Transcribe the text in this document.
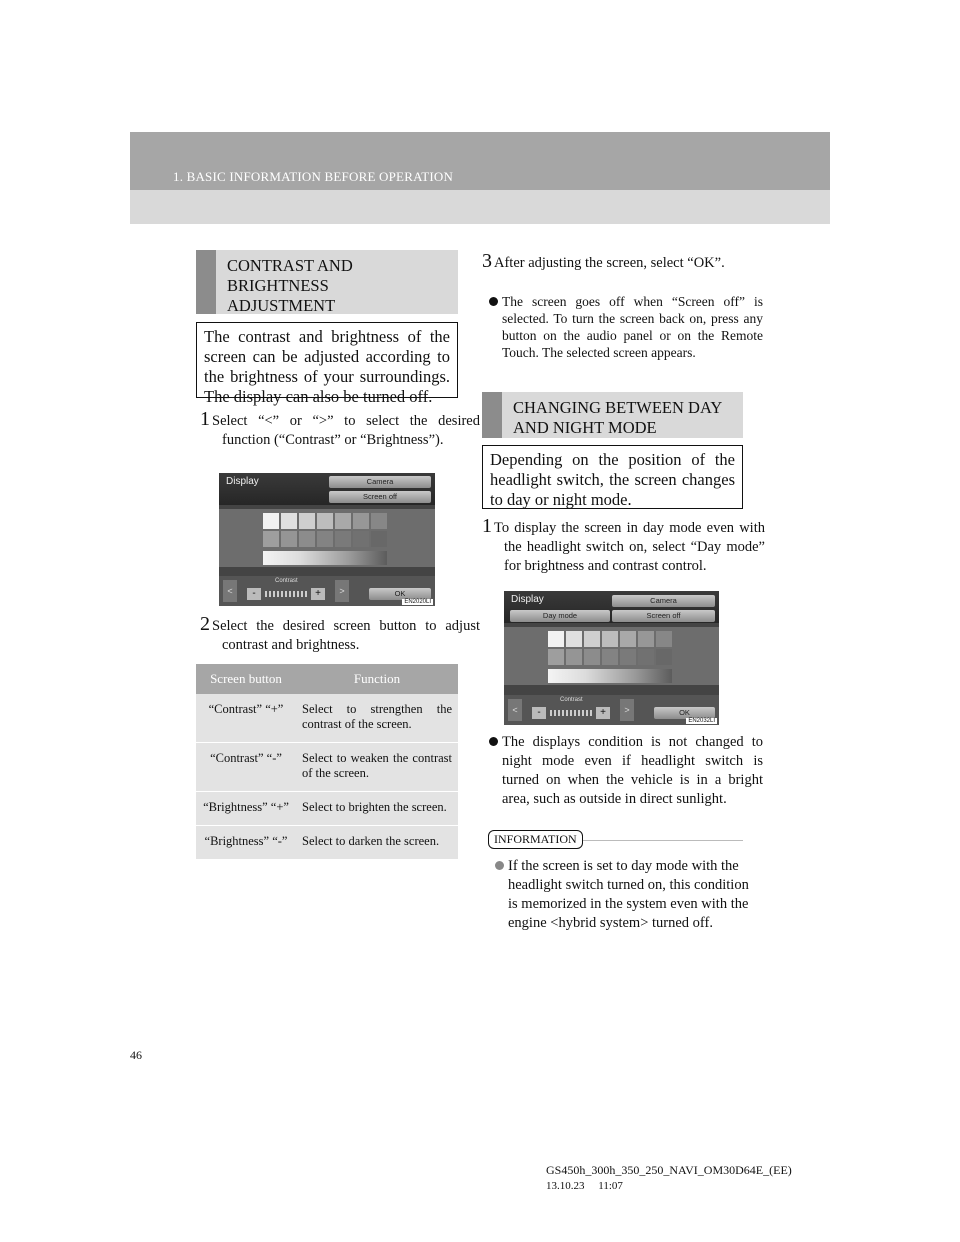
1. BASIC INFORMATION BEFORE OPERATION
CONTRAST AND BRIGHTNESS ADJUSTMENT
The contrast and brightness of the screen can be adjusted according to the brightness of your surroundings. The display can also be turned off.
1 Select “<” or “>” to select the desired function (“Contrast” or “Brightness”).
Display	Camera
Screen off
<
Contrast
-	+	>	OK
EN2020LI
2 Select the desired screen button to adjust contrast and brightness.
Screen button	Function
“Contrast” “+”	Select to strengthen the contrast of the screen.
“Contrast” “-”	Select to weaken the contrast of the screen.
“Brightness” “+”	Select to brighten the screen.
“Brightness” “-”	Select to darken the screen.
3 After adjusting the screen, select “OK”.
The screen goes off when “Screen off” is selected. To turn the screen back on, press any button on the audio panel or on the Remote Touch. The selected screen appears.
CHANGING BETWEEN DAY AND NIGHT MODE
Depending on the position of the headlight switch, the screen changes to day or night mode.
1 To display the screen in day mode even with the headlight switch on, select “Day mode” for brightness and contrast control.
Display	Camera
Day mode	Screen off
<
Contrast
-	+	>	OK
EN2032LI
The displays condition is not changed to night mode even if headlight switch is turned on when the vehicle is in a bright area, such as outside in direct sunlight.
INFORMATION
If the screen is set to day mode with the headlight switch turned on, this condition is memorized in the system even with the engine <hybrid system> turned off.
46
GS450h_300h_350_250_NAVI_OM30D64E_(EE)
13.10.23     11:07
